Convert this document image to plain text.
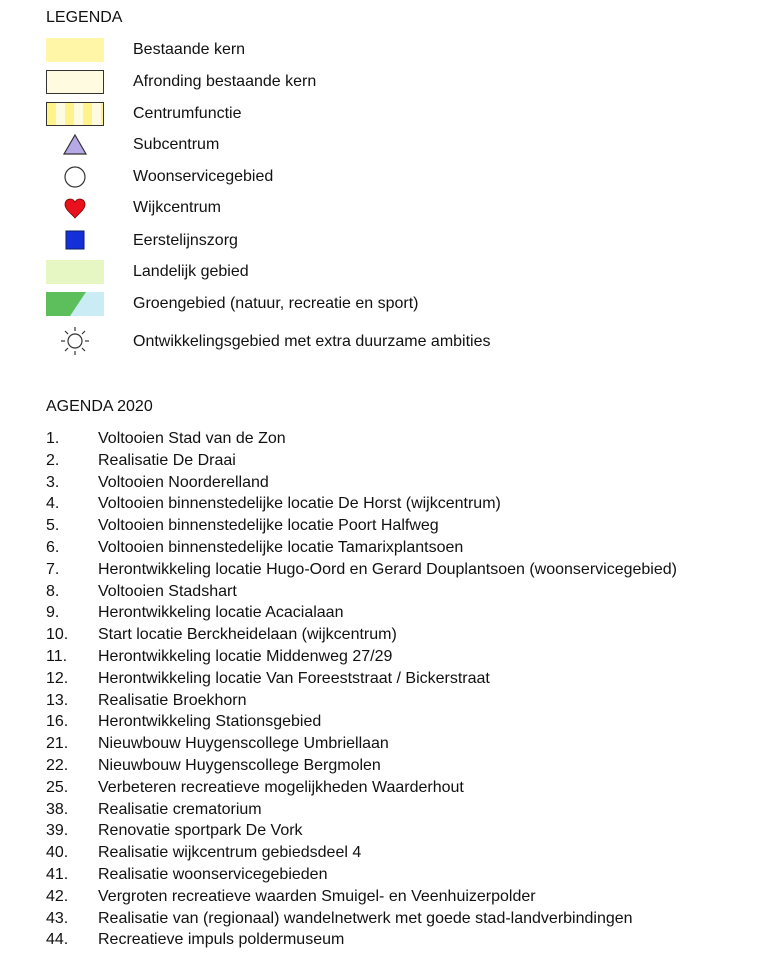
LEGENDA
Bestaande kern
Afronding bestaande kern
Centrumfunctie
Subcentrum
Woonservicegebied
Wijkcentrum
Eerstelijnszorg
Landelijk gebied
Groengebied (natuur, recreatie en sport)
Ontwikkelingsgebied met extra duurzame ambities
AGENDA 2020
1.	Voltooien Stad van de Zon
2.	Realisatie De Draai
3.	Voltooien Noorderelland
4.	Voltooien binnenstedelijke locatie De Horst (wijkcentrum)
5.	Voltooien binnenstedelijke locatie Poort Halfweg
6.	Voltooien binnenstedelijke locatie Tamarixplantsoen
7.	Herontwikkeling locatie Hugo-Oord en Gerard Douplantsoen (woonservicegebied)
8.	Voltooien Stadshart
9.	Herontwikkeling locatie Acacialaan
10.	Start locatie Berckheidelaan (wijkcentrum)
11.	Herontwikkeling locatie Middenweg 27/29
12.	Herontwikkeling locatie Van Foreeststraat / Bickerstraat
13.	Realisatie Broekhorn
16.	Herontwikkeling Stationsgebied
21.	Nieuwbouw Huygenscollege Umbriellaan
22.	Nieuwbouw Huygenscollege Bergmolen
25.	Verbeteren recreatieve mogelijkheden Waarderhout
38.	Realisatie crematorium
39.	Renovatie sportpark De Vork
40.	Realisatie wijkcentrum gebiedsdeel 4
41.	Realisatie woonservicegebieden
42.	Vergroten recreatieve waarden Smuigel- en Veenhuizerpolder
43.	Realisatie van (regionaal) wandelnetwerk met goede stad-landverbindingen
44.	Recreatieve impuls poldermuseum
